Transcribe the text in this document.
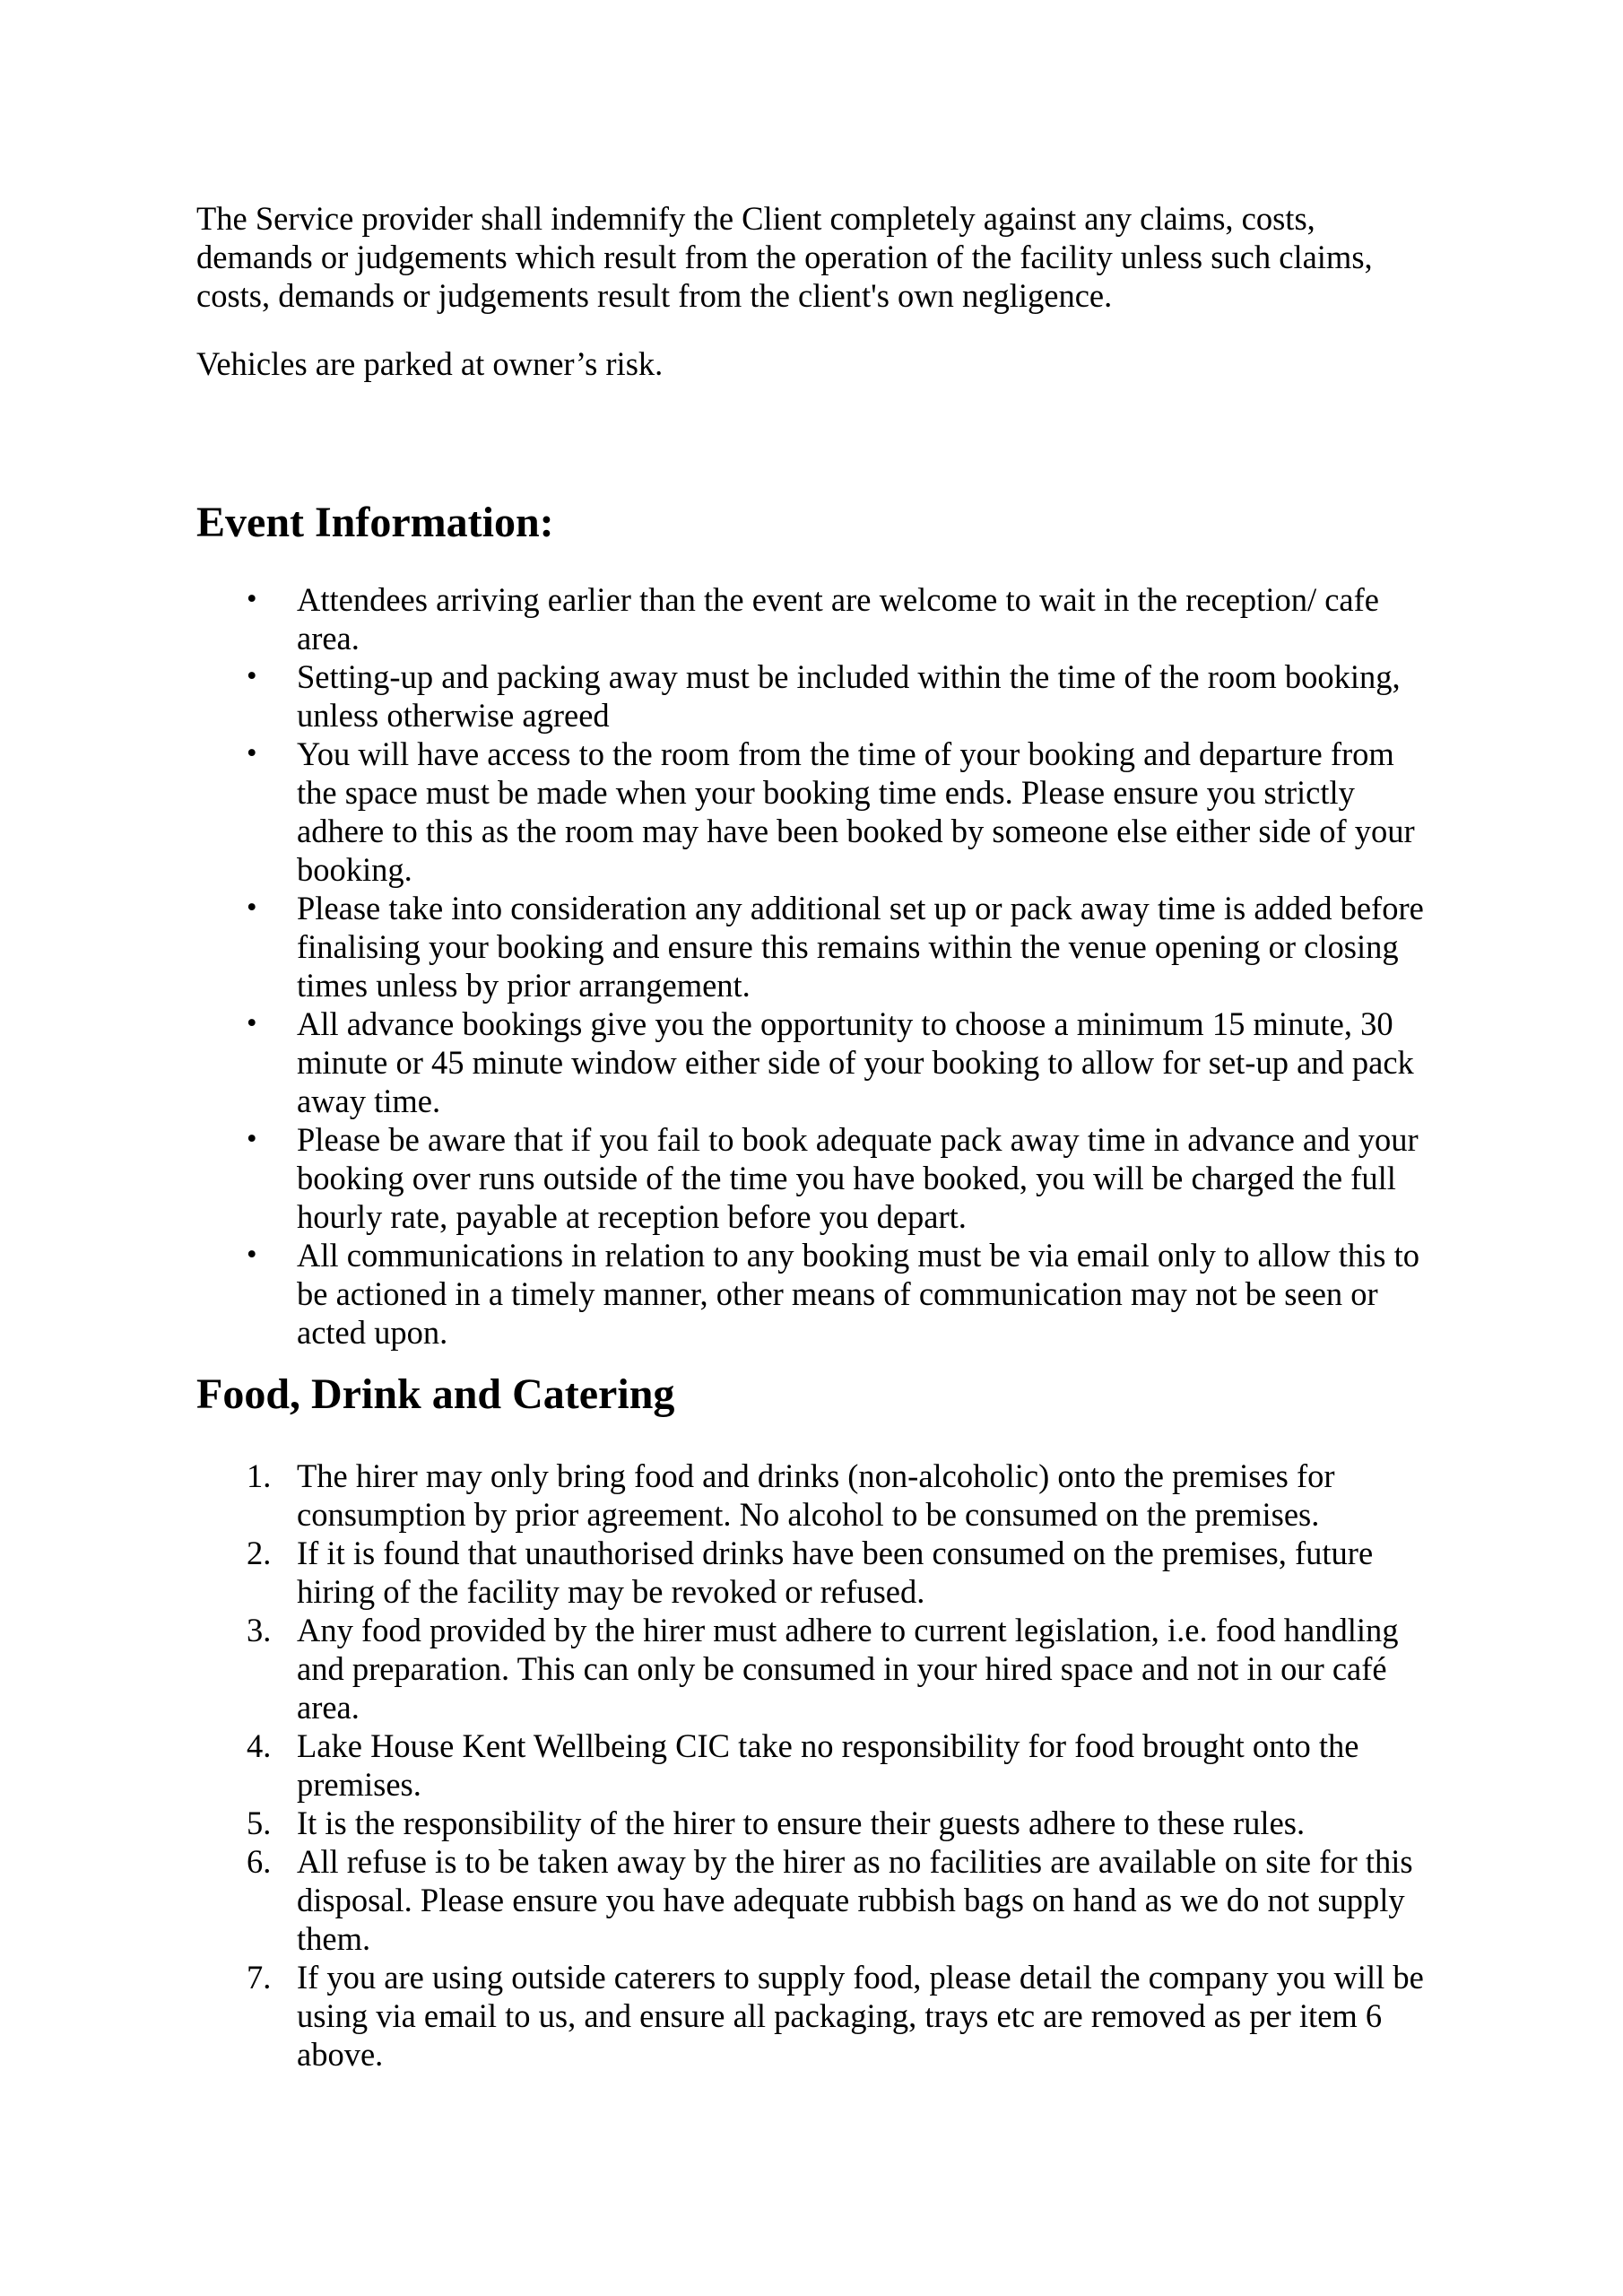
The Service provider shall indemnify the Client completely against any claims, costs, demands or judgements which result from the operation of the facility unless such claims, costs, demands or judgements result from the client's own negligence.

Vehicles are parked at owner’s risk.

Event Information:
• Attendees arriving earlier than the event are welcome to wait in the reception/ cafe area.
• Setting-up and packing away must be included within the time of the room booking, unless otherwise agreed
• You will have access to the room from the time of your booking and departure from the space must be made when your booking time ends. Please ensure you strictly adhere to this as the room may have been booked by someone else either side of your booking.
• Please take into consideration any additional set up or pack away time is added before finalising your booking and ensure this remains within the venue opening or closing times unless by prior arrangement.
• All advance bookings give you the opportunity to choose a minimum 15 minute, 30 minute or 45 minute window either side of your booking to allow for set-up and pack away time.
• Please be aware that if you fail to book adequate pack away time in advance and your booking over runs outside of the time you have booked, you will be charged the full hourly rate, payable at reception before you depart.
• All communications in relation to any booking must be via email only to allow this to be actioned in a timely manner, other means of communication may not be seen or acted upon.
Food, Drink and Catering
1. The hirer may only bring food and drinks (non-alcoholic) onto the premises for consumption by prior agreement. No alcohol to be consumed on the premises.
2. If it is found that unauthorised drinks have been consumed on the premises, future hiring of the facility may be revoked or refused.
3. Any food provided by the hirer must adhere to current legislation, i.e. food handling and preparation. This can only be consumed in your hired space and not in our café area.
4. Lake House Kent Wellbeing CIC take no responsibility for food brought onto the premises.
5. It is the responsibility of the hirer to ensure their guests adhere to these rules.
6. All refuse is to be taken away by the hirer as no facilities are available on site for this disposal. Please ensure you have adequate rubbish bags on hand as we do not supply them.
7. If you are using outside caterers to supply food, please detail the company you will be using via email to us, and ensure all packaging, trays etc are removed as per item 6 above.
